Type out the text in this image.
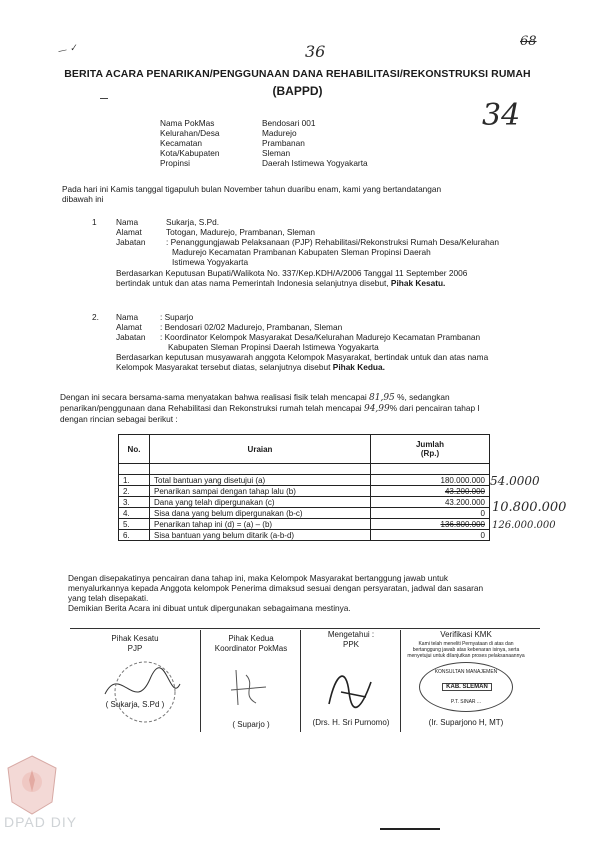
— ✓	36
68
34
BERITA ACARA PENARIKAN/PENGGUNAAN DANA REHABILITASI/REKONSTRUKSI RUMAH
(BAPPD)
Nama PokMas	Bendosari 001
Kelurahan/Desa	Madurejo
Kecamatan	Prambanan
Kota/Kabupaten	Sleman
Propinsi	Daerah Istimewa Yogyakarta
Pada hari ini Kamis tanggal tigapuluh bulan November tahun duaribu enam, kami yang bertandatangan
dibawah ini
1 Nama	Sukarja, S.Pd.
Alamat	Totogan, Madurejo, Prambanan, Sleman
Jabatan	: Penanggungjawab Pelaksanaan (PJP) Rehabilitasi/Rekonstruksi Rumah Desa/Kelurahan
Madurejo Kecamatan Prambanan Kabupaten Sleman Propinsi Daerah
Istimewa Yogyakarta
Berdasarkan Keputusan Bupati/Walikota No. 337/Kep.KDH/A/2006 Tanggal 11 September 2006
bertindak untuk dan atas nama Pemerintah Indonesia selanjutnya disebut, Pihak Kesatu.
2. Nama	: Suparjo
Alamat	: Bendosari 02/02 Madurejo, Prambanan, Sleman
Jabatan	: Koordinator Kelompok Masyarakat Desa/Kelurahan Madurejo Kecamatan Prambanan
Kabupaten Sleman Propinsi Daerah Istimewa Yogyakarta
Berdasarkan keputusan musyawarah anggota Kelompok Masyarakat, bertindak untuk dan atas nama
Kelompok Masyarakat tersebut diatas, selanjutnya disebut Pihak Kedua.
Dengan ini secara bersama-sama menyatakan bahwa realisasi fisik telah mencapai 81,95 %, sedangkan
penarikan/penggunaan dana Rehabilitasi dan Rekonstruksi rumah telah mencapai 94,99% dari pencairan tahap I
dengan rincian sebagai berikut :
No.	Uraian	Jumlah
(Rp.)

1.	Total bantuan yang disetujui (a)	180.000.000
2.	Penarikan sampai dengan tahap lalu (b)	43.200.000
3.	Dana yang telah dipergunakan (c)	43.200.000
4.	Sisa dana yang belum dipergunakan (b-c)	0
5.	Penarikan tahap ini (d) = (a) – (b)	136.800.000
6.	Sisa bantuan yang belum ditarik (a-b-d)	0
54.0000
10.800.000
126.000.000
Dengan disepakatinya pencairan dana tahap ini, maka Kelompok Masyarakat bertanggung jawab untuk
menyalurkannya kepada Anggota kelompok Penerima dimaksud sesuai dengan persyaratan, jadwal dan sasaran
yang telah disepakati.
Demikian Berita Acara ini dibuat untuk dipergunakan sebagaimana mestinya.
Pihak Kesatu
PJP
( Sukarja, S.Pd )
Pihak Kedua
Koordinator PokMas
( Suparjo )
Mengetahui :
PPK
(Drs. H. Sri Purnomo)
Verifikasi KMK
Kami telah meneliti Pernyataan di atas dan
bertanggung jawab atas kebenaran isinya, serta
menyetujui untuk dilanjutkan proses pelaksanaannya
KONSULTAN MANAJEMEN
KAB. SLEMAN
P.T. SINAR ...
(Ir. Suparjono H, MT)
DPAD DIY
